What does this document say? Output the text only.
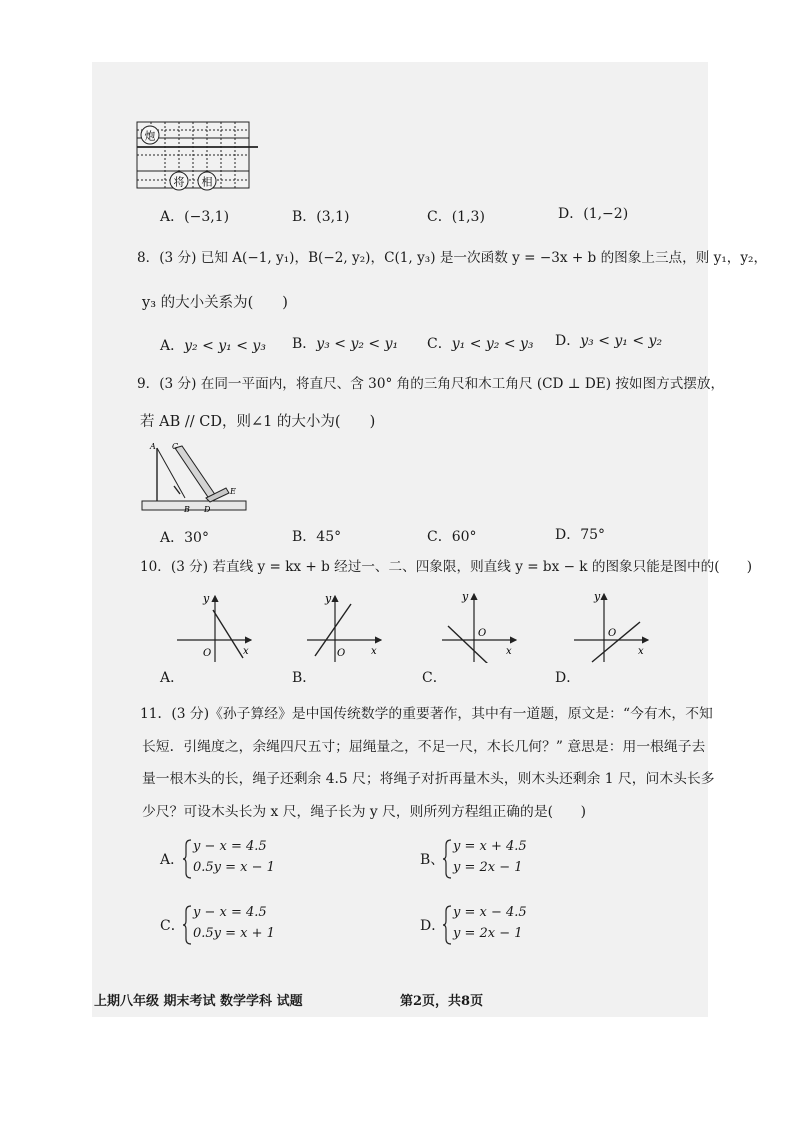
炮
将 相
A．(−3,1)	B．(3,1)	C．(1,3)	D．(1,−2)
8．(3 分) 已知 A(−1, y₁)，B(−2, y₂)，C(1, y₃) 是一次函数 y = −3x + b 的图象上三点，则 y₁，y₂，
y₃ 的大小关系为(　　)
A．y₂ < y₁ < y₃ B．y₃ < y₂ < y₁ C．y₁ < y₂ < y₃ D．y₃ < y₁ < y₂
9．(3 分) 在同一平面内，将直尺、含 30° 角的三角尺和木工角尺 (CD ⊥ DE) 按如图方式摆放，
若 AB // CD，则∠1 的大小为(　　)
A C
B D
E
A．30°	B．45°	C．60°	D．75°
10．(3 分) 若直线 y = kx + b 经过一、二、四象限，则直线 y = bx − k 的图象只能是图中的(　　)
y
x
O
y
x
O
y
x
O
y
x
O
A．	B．	C．	D．
11．(3 分)《孙子算经》是中国传统数学的重要著作，其中有一道题，原文是：“今有木，不知
长短．引绳度之，余绳四尺五寸；屈绳量之，不足一尺，木长几何？” 意思是：用一根绳子去
量一根木头的长，绳子还剩余 4.5 尺；将绳子对折再量木头，则木头还剩余 1 尺，问木头长多
少尺？可设木头长为 x 尺，绳子长为 y 尺，则所列方程组正确的是(　　)
A．
y − x = 4.5
0.5y = x − 1	B、
y = x + 4.5
y = 2x − 1
C．
y − x = 4.5
0.5y = x + 1	D．
y = x − 4.5
y = 2x − 1
上期八年级 期末考试 数学学科 试题	第2页，共8页
